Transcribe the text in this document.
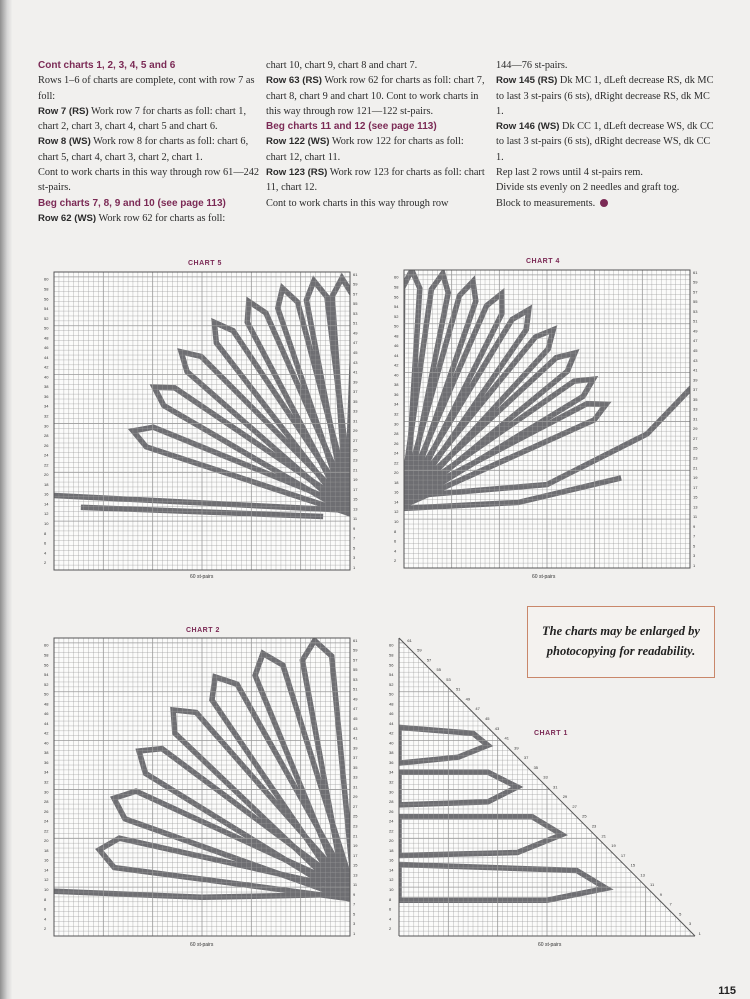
Cont charts 1, 2, 3, 4, 5 and 6

Rows 1–6 of charts are complete, cont with row 7 as foll:

Row 7 (RS) Work row 7 for charts as foll: chart 1, chart 2, chart 3, chart 4, chart 5 and chart 6.

Row 8 (WS) Work row 8 for charts as foll: chart 6, chart 5, chart 4, chart 3, chart 2, chart 1.

Cont to work charts in this way through row 61—242 st-pairs.

Beg charts 7, 8, 9 and 10 (see page 113)

Row 62 (WS) Work row 62 for charts as foll:

chart 10, chart 9, chart 8 and chart 7.

Row 63 (RS) Work row 62 for charts as foll: chart 7, chart 8, chart 9 and chart 10. Cont to work charts in this way through row 121—122 st-pairs.

Beg charts 11 and 12 (see page 113)

Row 122 (WS) Work row 122 for charts as foll: chart 12, chart 11.

Row 123 (RS) Work row 123 for charts as foll: chart 11, chart 12.

Cont to work charts in this way through row

144—76 st-pairs.

Row 145 (RS) Dk MC 1, dLeft decrease RS, dk MC to last 3 st-pairs (6 sts), dRight decrease RS, dk MC 1.

Row 146 (WS) Dk CC 1, dLeft decrease WS, dk CC to last 3 st-pairs (6 sts), dRight decrease WS, dk CC 1.

Rep last 2 rows until 4 st-pairs rem.

Divide sts evenly on 2 needles and graft tog.

Block to measurements.

CHART 5
1
2
3
4
5
6
7
8
9
10
11
12
13
14
15
16
17
18
19
20
21
22
23
24
25
26
27
28
29
30
31
32
33
34
35
36
37
38
39
40
41
42
43
44
45
46
47
48
49
50
51
52
53
54
55
56
57
58
59
60
61
60 st-pairs
CHART 4
1
2
3
4
5
6
7
8
9
10
11
12
13
14
15
16
17
18
19
20
21
22
23
24
25
26
27
28
29
30
31
32
33
34
35
36
37
38
39
40
41
42
43
44
45
46
47
48
49
50
51
52
53
54
55
56
57
58
59
60
61
60 st-pairs
CHART 2
1
2
3
4
5
6
7
8
9
10
11
12
13
14
15
16
17
18
19
20
21
22
23
24
25
26
27
28
29
30
31
32
33
34
35
36
37
38
39
40
41
42
43
44
45
46
47
48
49
50
51
52
53
54
55
56
57
58
59
60
61
60 st-pairs
1
2
3
4
5
6
7
8
9
10
11
12
13
14
15
16
17
18
19
20
21
22
23
24
25
26
27
28
29
30
31
32
33
34
35
36
37
38
39
40
41
42
43
44
45
46
47
48
49
50
51
52
53
54
55
56
57
58
59
60
61
CHART 1
60 st-pairs
The charts may be enlarged by
photocopying for readability.
115
